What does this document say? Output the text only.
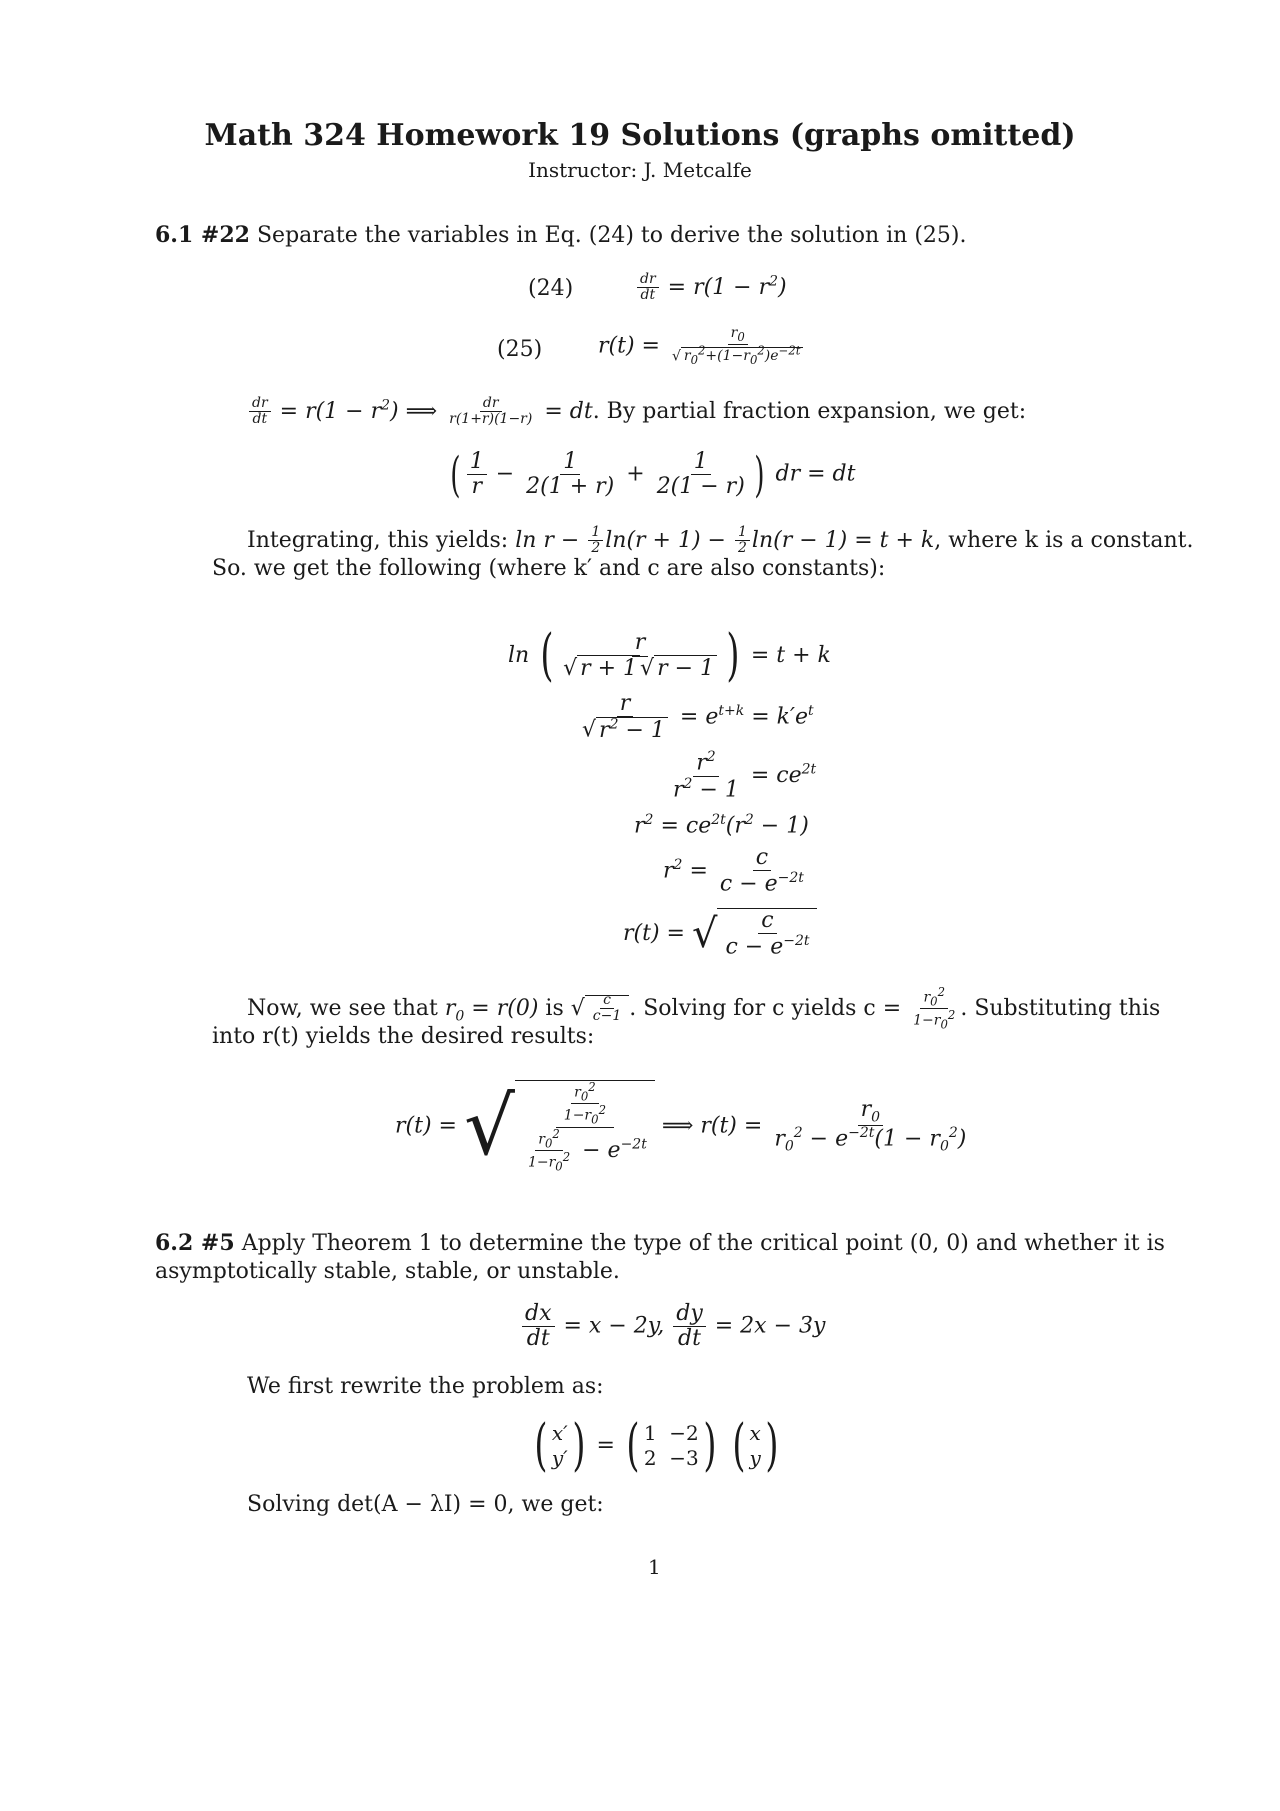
Math 324 Homework 19 Solutions (graphs omitted)
Instructor: J. Metcalfe
6.1 #22 Separate the variables in Eq. (24) to derive the solution in (25).
(24)	$\frac{dr}{dt} = r(1 - r^2)$
(25)	$r(t) = \frac{r_0}{√ r_0^2+(1-r_0^2)e^{-2t}}$
$\frac{dr}{dt} = r(1 - r^2)$ ⟹ $\frac{dr}{r(1+r)(1-r)}$ = dt. By partial fraction expansion, we get:
( $\frac{1}{r} - \frac{1}{2(1 + r)} + \frac{1}{2(1 - r)}$ ) dr = dt
Integrating, this yields: $\ln r - \frac{1}{2} \ln(r + 1) - \frac{1}{2} \ln(r - 1) = t + k$, where k is a constant.
So. we get the following (where k′ and c are also constants):
ln ( $\frac{r}{√ r + 1 √ r - 1}$ ) = t + k
$\frac{r}{√ r^2 - 1} = e^{t+k} = k'e^t$
$\frac{r^2}{r^2 - 1} = ce^{2t}$
$r^2 = ce^{2t}(r^2 - 1)$
$r^2 = \frac{c}{c - e^{-2t}}$
r(t) = √ $\frac{c}{c - e^{-2t}}$
Now, we see that $r_0 = r(0)$ is √ $\frac{c}{c-1}$ . Solving for c yields $c = \frac{r_0^2}{1-r_0^2}$ . Substituting this
into r(t) yields the desired results:
r(t) = √ $\frac{\frac{r_0^2}{1-r_0^2}}{\frac{r_0^2}{1-r_0^2} - e^{-2t}}$ ⟹ $r(t) = \frac{r_0}{r_0^2 - e^{-2t}(1 - r_0^2)}$
6.2 #5 Apply Theorem 1 to determine the type of the critical point (0, 0) and whether it is
asymptotically stable, stable, or unstable.
$\frac{dx}{dt} = x - 2y$, $\frac{dy}{dt} = 2x - 3y$
We first rewrite the problem as:
( x′
y′ ) = ( 1  −2
2  −3 ) ( x
y )
Solving det(A − λI) = 0, we get:
1
